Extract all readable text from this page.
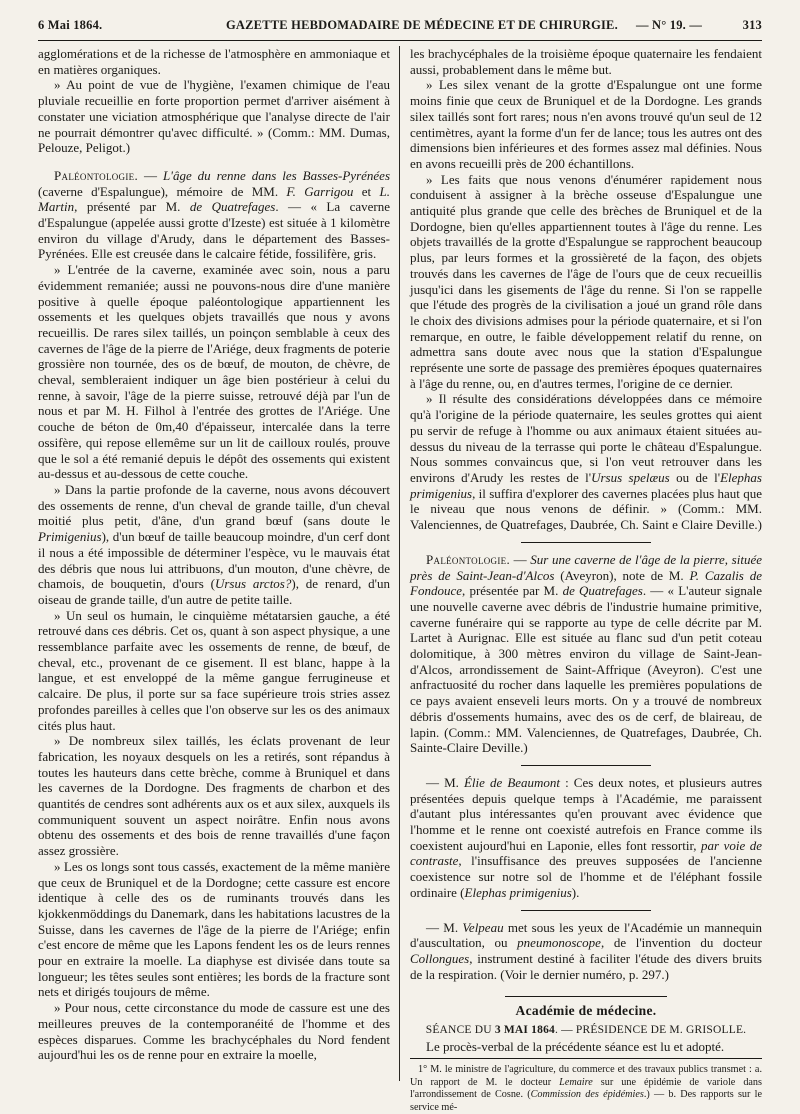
6 Mai 1864.	GAZETTE HEBDOMADAIRE DE MÉDECINE ET DE CHIRURGIE. — N° 19. —	313

agglomérations et de la richesse de l'atmosphère en ammoniaque et en matières organiques.

» Au point de vue de l'hygiène, l'examen chimique de l'eau pluviale recueillie en forte proportion permet d'arriver aisément à constater une viciation atmosphérique que l'analyse directe de l'air ne pourrait démontrer qu'avec difficulté. » (Comm.: MM. Dumas, Pelouze, Peligot.)

Paléontologie. — L'âge du renne dans les Basses-Pyrénées (caverne d'Espalungue), mémoire de MM. F. Garrigou et L. Martin, présenté par M. de Quatrefages. — « La caverne d'Espalungue (appelée aussi grotte d'Izeste) est située à 1 kilomètre environ du village d'Arudy, dans le département des Basses-Pyrénées. Elle est creusée dans le calcaire fétide, fossilifère, gris.

» L'entrée de la caverne, examinée avec soin, nous a paru évidemment remaniée; aussi ne pouvons-nous dire d'une manière positive à quelle époque paléontologique appartiennent les ossements et les quelques objets travaillés que nous y avons recueillis. De rares silex taillés, un poinçon semblable à ceux des cavernes de l'âge de la pierre de l'Ariége, deux fragments de poterie grossière non tournée, des os de bœuf, de mouton, de chèvre, de cheval, sembleraient indiquer un âge bien postérieur à celui du renne, à savoir, l'âge de la pierre suisse, retrouvé déjà par l'un de nous et par M. H. Filhol à l'entrée des grottes de l'Ariége. Une couche de béton de 0m,40 d'épaisseur, intercalée dans la terre ossifère, qui repose ellemême sur un lit de cailloux roulés, prouve que le sol a été remanié depuis le dépôt des ossements qui existent au-dessus et au-dessous de cette couche.

» Dans la partie profonde de la caverne, nous avons découvert des ossements de renne, d'un cheval de grande taille, d'un cheval moitié plus petit, d'âne, d'un grand bœuf (sans doute le Primigenius), d'un bœuf de taille beaucoup moindre, d'un cerf dont il nous a été impossible de déterminer l'espèce, vu le mauvais état des débris que nous lui attribuons, d'un mouton, d'une chèvre, de chamois, de bouquetin, d'ours (Ursus arctos?), de renard, d'un oiseau de grande taille, d'un autre de petite taille.

» Un seul os humain, le cinquième métatarsien gauche, a été retrouvé dans ces débris. Cet os, quant à son aspect physique, a une ressemblance parfaite avec les ossements de renne, de bœuf, de cheval, etc., provenant de ce gisement. Il est blanc, happe à la langue, et est enveloppé de la même gangue ferrugineuse et calcaire. De plus, il porte sur sa face supérieure trois stries assez profondes pareilles à celles que l'on observe sur les os des animaux cités plus haut.

» De nombreux silex taillés, les éclats provenant de leur fabrication, les noyaux desquels on les a retirés, sont répandus à toutes les hauteurs dans cette brèche, comme à Bruniquel et dans les cavernes de la Dordogne. Des fragments de charbon et des quantités de cendres sont adhérents aux os et aux silex, auxquels ils communiquent souvent un aspect noirâtre. Enfin nous avons obtenu des ossements et des bois de renne travaillés d'une façon assez grossière.

» Les os longs sont tous cassés, exactement de la même manière que ceux de Bruniquel et de la Dordogne; cette cassure est encore identique à celle des os de ruminants trouvés dans les kjokkenmöddings du Danemark, dans les habitations lacustres de la Suisse, dans les cavernes de l'âge de la pierre de l'Ariége; enfin c'est encore de même que les Lapons fendent les os de leurs rennes pour en extraire la moelle. La diaphyse est divisée dans toute sa longueur; les têtes seules sont entières; les bords de la fracture sont nets et dirigés toujours de même.

» Pour nous, cette circonstance du mode de cassure est une des meilleures preuves de la contemporanéité de l'homme et des espèces disparues. Comme les brachycéphales du Nord fendent aujourd'hui les os de renne pour en extraire la moelle,

les brachycéphales de la troisième époque quaternaire les fendaient aussi, probablement dans le même but.

» Les silex venant de la grotte d'Espalungue ont une forme moins finie que ceux de Bruniquel et de la Dordogne. Les grands silex taillés sont fort rares; nous n'en avons trouvé qu'un seul de 12 centimètres, ayant la forme d'un fer de lance; tous les autres ont des dimensions bien inférieures et des formes assez mal définies. Nous en avons recueilli près de 200 échantillons.

» Les faits que nous venons d'énumérer rapidement nous conduisent à assigner à la brèche osseuse d'Espalungue une antiquité plus grande que celle des brèches de Bruniquel et de la Dordogne, bien qu'elles appartiennent toutes à l'âge du renne. Les objets travaillés de la grotte d'Espalungue se rapprochent beaucoup plus, par leurs formes et la grossièreté de la façon, des objets trouvés dans les cavernes de l'âge de l'ours que de ceux recueillis jusqu'ici dans les gisements de l'âge du renne. Si l'on se rappelle que l'étude des progrès de la civilisation a joué un grand rôle dans le choix des divisions admises pour la période quaternaire, et si l'on remarque, en outre, le faible développement relatif du renne, on admettra sans doute avec nous que la station d'Espalungue représente une sorte de passage des premières époques quaternaires à l'âge du renne, ou, en d'autres termes, l'origine de ce dernier.

» Il résulte des considérations développées dans ce mémoire qu'à l'origine de la période quaternaire, les seules grottes qui aient pu servir de refuge à l'homme ou aux animaux étaient situées au-dessus du niveau de la terrasse qui porte le château d'Espalungue. Nous sommes convaincus que, si l'on veut retrouver dans les environs d'Arudy les restes de l'Ursus spelæus ou de l'Elephas primigenius, il suffira d'explorer des cavernes placées plus haut que le niveau que nous venons de définir. » (Comm.: MM. Valenciennes, de Quatrefages, Daubrée, Ch. Saint e Claire Deville.)

Paléontologie. — Sur une caverne de l'âge de la pierre, située près de Saint-Jean-d'Alcos (Aveyron), note de M. P. Cazalis de Fondouce, présentée par M. de Quatrefages. — « L'auteur signale une nouvelle caverne avec débris de l'industrie humaine primitive, caverne funéraire qui se rapporte au type de celle décrite par M. Lartet à Aurignac. Elle est située au flanc sud d'un petit coteau dolomitique, à 300 mètres environ du village de Saint-Jean-d'Alcos, arrondissement de Saint-Affrique (Aveyron). C'est une anfractuosité du rocher dans laquelle les premières populations de ce pays avaient enseveli leurs morts. On y a trouvé de nombreux débris d'ossements humains, avec des os de cerf, de blaireau, de lapin. (Comm.: MM. Valenciennes, de Quatrefages, Daubrée, Ch. Sainte-Claire Deville.)

— M. Élie de Beaumont : Ces deux notes, et plusieurs autres présentées depuis quelque temps à l'Académie, me paraissent d'autant plus intéressantes qu'en prouvant avec évidence que l'homme et le renne ont coexisté autrefois en France comme ils coexistent aujourd'hui en Laponie, elles font ressortir, par voie de contraste, l'insuffisance des preuves supposées de l'ancienne coexistence sur notre sol de l'homme et de l'éléphant fossile ordinaire (Elephas primigenius).

— M. Velpeau met sous les yeux de l'Académie un mannequin d'auscultation, ou pneumonoscope, de l'invention du docteur Collongues, instrument destiné à faciliter l'étude des divers bruits de la respiration. (Voir le dernier numéro, p. 297.)

Académie de médecine.
SÉANCE DU 3 MAI 1864. — PRÉSIDENCE DE M. GRISOLLE.

Le procès-verbal de la précédente séance est lu et adopté.

1° M. le ministre de l'agriculture, du commerce et des travaux publics transmet : a. Un rapport de M. le docteur Lemaire sur une épidémie de variole dans l'arrondissement de Cosne. (Commission des épidémies.) — b. Des rapports sur le service mé-
